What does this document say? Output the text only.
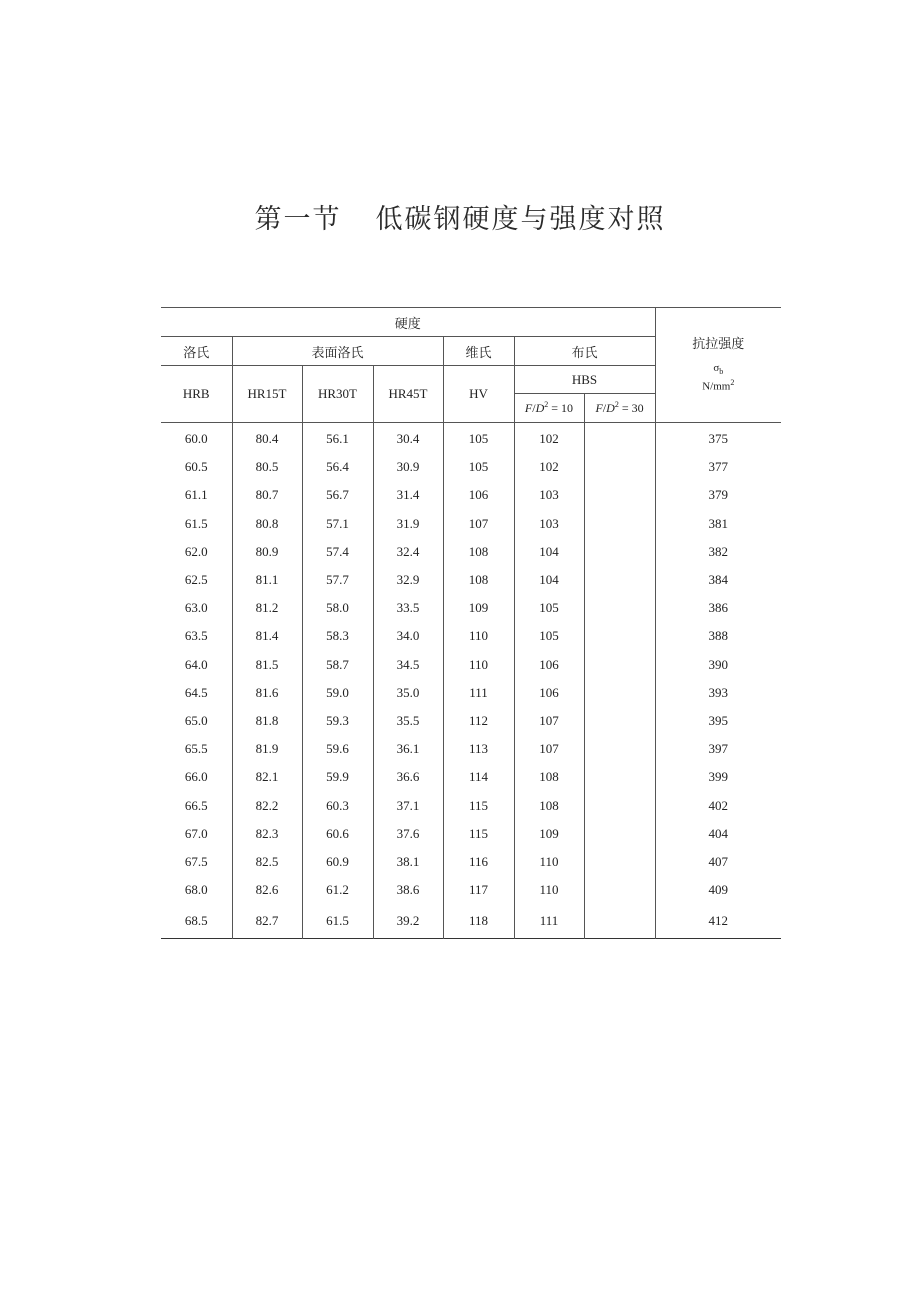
第一节 低碳钢硬度与强度对照
硬度							抗拉强度
$\sigma_b$
$N/mm^2$

洛氏	表面洛氏			维氏	布氏		
HRB	HR15T	HR30T	HR45T	HV	HBS		
					$F/D^2 = 10$	$F/D^2 = 30$	
60.0	80.4	56.1	30.4	105	102		375
60.5	80.5	56.4	30.9	105	102		377
61.1	80.7	56.7	31.4	106	103		379
61.5	80.8	57.1	31.9	107	103		381
62.0	80.9	57.4	32.4	108	104		382
62.5	81.1	57.7	32.9	108	104		384
63.0	81.2	58.0	33.5	109	105		386
63.5	81.4	58.3	34.0	110	105		388
64.0	81.5	58.7	34.5	110	106		390
64.5	81.6	59.0	35.0	111	106		393
65.0	81.8	59.3	35.5	112	107		395
65.5	81.9	59.6	36.1	113	107		397
66.0	82.1	59.9	36.6	114	108		399
66.5	82.2	60.3	37.1	115	108		402
67.0	82.3	60.6	37.6	115	109		404
67.5	82.5	60.9	38.1	116	110		407
68.0	82.6	61.2	38.6	117	110		409
68.5	82.7	61.5	39.2	118	111		412
